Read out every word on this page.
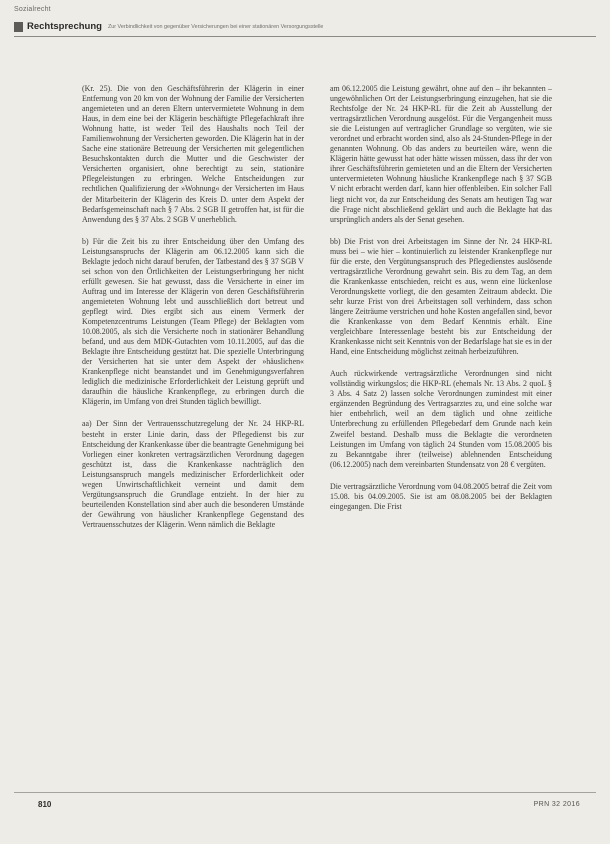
Sozialrecht
Rechtsprechung Zur Verbindlichkeit von gegenüber Versicherungen bei einer stationären Versorgungsstelle

(Kr. 25). Die von den Geschäftsführerin der Klägerin in einer Entfernung von 20 km von der Wohnung der Familie der Versicherten angemieteten und an deren Eltern untervermietete Wohnung in dem Haus, in dem eine bei der Klägerin beschäftigte Pflegefachkraft ihre Wohnung hatte, ist weder Teil des Haushalts noch Teil der Familienwohnung der Versicherten geworden. Die Klägerin hat in der Sache eine stationäre Betreuung der Versicherten mit gelegentlichen Besuchskontakten durch die Mutter und die Geschwister der Versicherten organisiert, ohne berechtigt zu sein, stationäre Pflegeleistungen zu erbringen. Welche Entscheidungen zur rechtlichen Qualifizierung der »Wohnung« der Versicherten im Haus der Mitarbeiterin der Klägerin des Kreis D. unter dem Aspekt der Bedarfsgemeinschaft nach § 7 Abs. 2 SGB II getroffen hat, ist für die Anwendung des § 37 Abs. 2 SGB V unerheblich.

b) Für die Zeit bis zu ihrer Entscheidung über den Umfang des Leistungsanspruchs der Klägerin am 06.12.2005 kann sich die Beklagte jedoch nicht darauf berufen, der Tatbestand des § 37 SGB V sei schon von den Örtlichkeiten der Leistungserbringung her nicht erfüllt gewesen. Sie hat gewusst, dass die Versicherte in einer im Auftrag und im Interesse der Klägerin von deren Geschäftsführerin angemieteten Wohnung lebt und ausschließlich dort betreut und gepflegt wird. Dies ergibt sich aus einem Vermerk der Kompetenzcentrums Leistungen (Team Pflege) der Beklagten vom 10.08.2005, als sich die Versicherte noch in stationärer Behandlung befand, und aus dem MDK-Gutachten vom 10.11.2005, auf das die Beklagte ihre Entscheidung gestützt hat. Die spezielle Unterbringung der Versicherten hat sie unter dem Aspekt der »häuslichen« Krankenpflege nicht beanstandet und im Genehmigungsverfahren lediglich die medizinische Erforderlichkeit der Leistung geprüft und daraufhin die häusliche Krankenpflege, zu erbringen durch die Klägerin, im Umfang von drei Stunden täglich bewilligt.

aa) Der Sinn der Vertrauensschutzregelung der Nr. 24 HKP-RL besteht in erster Linie darin, dass der Pflegedienst bis zur Entscheidung der Krankenkasse über die beantragte Genehmigung bei Vorliegen einer konkreten vertragsärztlichen Verordnung dagegen geschützt ist, dass die Krankenkasse nachträglich den Leistungsanspruch mangels medizinischer Erforderlichkeit oder wegen Unwirtschaftlichkeit verneint und damit dem Vergütungsanspruch die Grundlage entzieht. In der hier zu beurteilenden Konstellation sind aber auch die besonderen Umstände der Gewährung von häuslicher Krankenpflege Gegenstand des Vertrauensschutzes der Klägerin. Wenn nämlich die Beklagte

am 06.12.2005 die Leistung gewährt, ohne auf den – ihr bekannten – ungewöhnlichen Ort der Leistungserbringung einzugehen, hat sie die Rechtsfolge der Nr. 24 HKP-RL für die Zeit ab Ausstellung der vertragsärztlichen Verordnung ausgelöst. Für die Vergangenheit muss sie die Leistungen auf vertraglicher Grundlage so vergüten, wie sie verordnet und erbracht worden sind, also als 24-Stunden-Pflege in der genannten Wohnung. Ob das anders zu beurteilen wäre, wenn die Klägerin hätte gewusst hat oder hätte wissen müssen, dass ihr der von ihrer Geschäftsführerin gemieteten und an die Eltern der Versicherten untervermieteten Wohnung häusliche Krankenpflege nach § 37 SGB V nicht erbracht werden darf, kann hier offenbleiben. Ein solcher Fall liegt nicht vor, da zur Entscheidung des Senats am heutigen Tag war die Frage nicht abschließend geklärt und auch die Beklagte hat das ursprünglich anders als der Senat gesehen.

bb) Die Frist von drei Arbeitstagen im Sinne der Nr. 24 HKP-RL muss bei – wie hier – kontinuierlich zu leistender Krankenpflege nur für die erste, den Vergütungsanspruch des Pflegedienstes auslösende vertragsärztliche Verordnung gewahrt sein. Bis zu dem Tag, an dem die Krankenkasse entschieden, reicht es aus, wenn eine lückenlose Verordnungskette vorliegt, die den gesamten Zeitraum abdeckt. Die sehr kurze Frist von drei Arbeitstagen soll verhindern, dass schon längere Zeiträume verstrichen und hohe Kosten angefallen sind, bevor die Krankenkasse von dem Bedarf Kenntnis erhält. Eine vergleichbare Interessenlage besteht bis zur Entscheidung der Krankenkasse nicht seit Kenntnis von der Bedarfslage hat sie es in der Hand, eine Entscheidung möglichst zeitnah herbeizuführen.

Auch rückwirkende vertragsärztliche Verordnungen sind nicht vollständig wirkungslos; die HKP-RL (ehemals Nr. 13 Abs. 2 quoL § 3 Abs. 4 Satz 2) lassen solche Verordnungen zumindest mit einer ergänzenden Begründung des Vertragsarztes zu, und eine solche war hier entbehrlich, weil an dem täglich und ohne zeitliche Unterbrechung zu erfüllenden Pflegebedarf dem Grunde nach kein Zweifel bestand. Deshalb muss die Beklagte die verordneten Leistungen im Umfang von täglich 24 Stunden vom 15.08.2005 bis zu Bekanntgabe ihrer (teilweise) ablehnenden Entscheidung (06.12.2005) nach dem vereinbarten Stundensatz von 28 € vergüten.

Die vertragsärztliche Verordnung vom 04.08.2005 betraf die Zeit vom 15.08. bis 04.09.2005. Sie ist am 08.08.2005 bei der Beklagten eingegangen. Die Frist

810	PRN 32 2016
